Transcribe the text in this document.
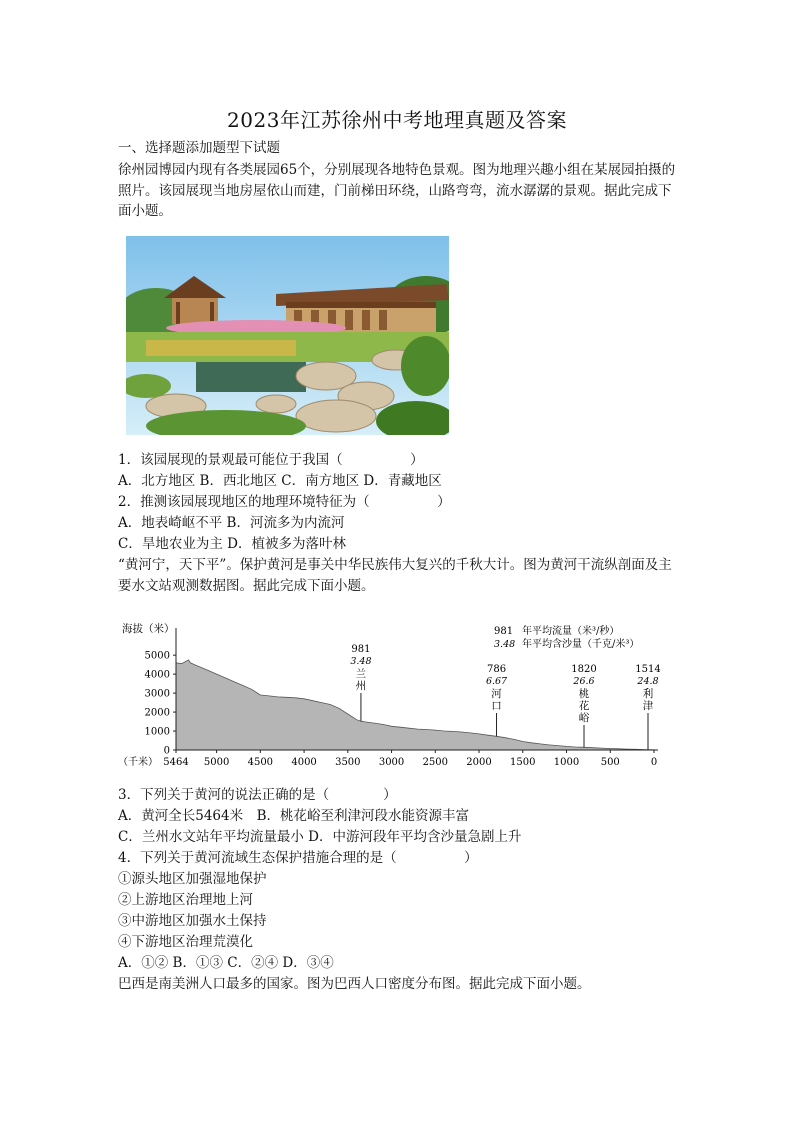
2023年江苏徐州中考地理真题及答案
一、选择题添加题型下试题
徐州园博园内现有各类展园65个，分别展现各地特色景观。图为地理兴趣小组在某展园拍摄的照片。该园展现当地房屋依山而建，门前梯田环绕，山路弯弯，流水潺潺的景观。据此完成下面小题。
1．该园展现的景观最可能位于我国（　　　　　）
A．北方地区 B．西北地区 C．南方地区 D．青藏地区
2．推测该园展现地区的地理环境特征为（　　　　　）
A．地表崎岖不平 B．河流多为内流河
C．旱地农业为主 D．植被多为落叶林
“黄河宁，天下平”。保护黄河是事关中华民族伟大复兴的千秋大计。图为黄河干流纵剖面及主要水文站观测数据图。据此完成下面小题。
海拔（米）
0
1000
2000
3000
4000
5000
（千米） 5464 5000 4500 4000 3500 3000 2500 2000 1500 1000 500	0
981
3.48
兰
州
786
6.67
河
口
1820
26.6
桃
花
峪
1514
24.8
利
津
981 年平均流量（米³/秒）
3.48 年平均含沙量（千克/米³）
3．下列关于黄河的说法正确的是（　　　　）
A．黄河全长5464米　B．桃花峪至利津河段水能资源丰富
C．兰州水文站年平均流量最小 D．中游河段年平均含沙量急剧上升
4．下列关于黄河流域生态保护措施合理的是（　　　　　）
①源头地区加强湿地保护
②上游地区治理地上河
③中游地区加强水土保持
④下游地区治理荒漠化
A．①② B．①③ C．②④ D．③④
巴西是南美洲人口最多的国家。图为巴西人口密度分布图。据此完成下面小题。
